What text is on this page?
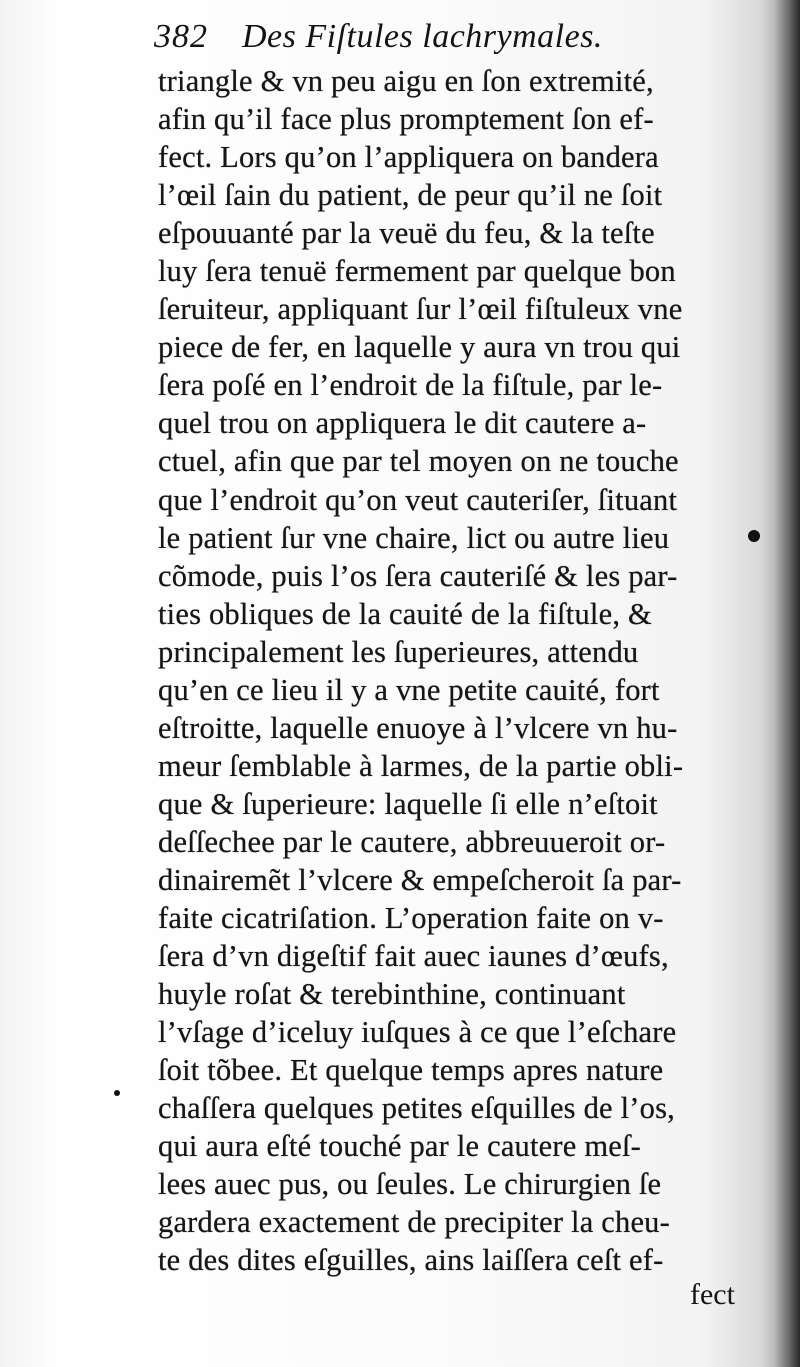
382 Des Fiſtules lachrymales.
triangle & vn peu aigu en ſon extremité,
afin qu’il face plus promptement ſon ef-
fect. Lors qu’on l’appliquera on bandera
l’œil ſain du patient, de peur qu’il ne ſoit
eſpouuanté par la veuë du feu, & la teſte
luy ſera tenuë fermement par quelque bon
ſeruiteur, appliquant ſur l’œil fiſtuleux vne
piece de fer, en laquelle y aura vn trou qui
ſera poſé en l’endroit de la fiſtule, par le-
quel trou on appliquera le dit cautere a-
ctuel, afin que par tel moyen on ne touche
que l’endroit qu’on veut cauteriſer, ſituant
le patient ſur vne chaire, lict ou autre lieu
cõmode, puis l’os ſera cauteriſé & les par-
ties obliques de la cauité de la fiſtule, &
principalement les ſuperieures, attendu
qu’en ce lieu il y a vne petite cauité, fort
eſtroitte, laquelle enuoye à l’vlcere vn hu-
meur ſemblable à larmes, de la partie obli-
que & ſuperieure: laquelle ſi elle n’eſtoit
deſſechee par le cautere, abbreuueroit or-
dinairemẽt l’vlcere & empeſcheroit ſa par-
faite cicatriſation. L’operation faite on v-
ſera d’vn digeſtif fait auec iaunes d’œufs,
huyle roſat & terebinthine, continuant
l’vſage d’iceluy iuſques à ce que l’eſchare
ſoit tõbee. Et quelque temps apres nature
chaſſera quelques petites eſquilles de l’os,
qui aura eſté touché par le cautere meſ-
lees auec pus, ou ſeules. Le chirurgien ſe
gardera exactement de precipiter la cheu-
te des dites eſguilles, ains laiſſera ceſt ef-
fect
